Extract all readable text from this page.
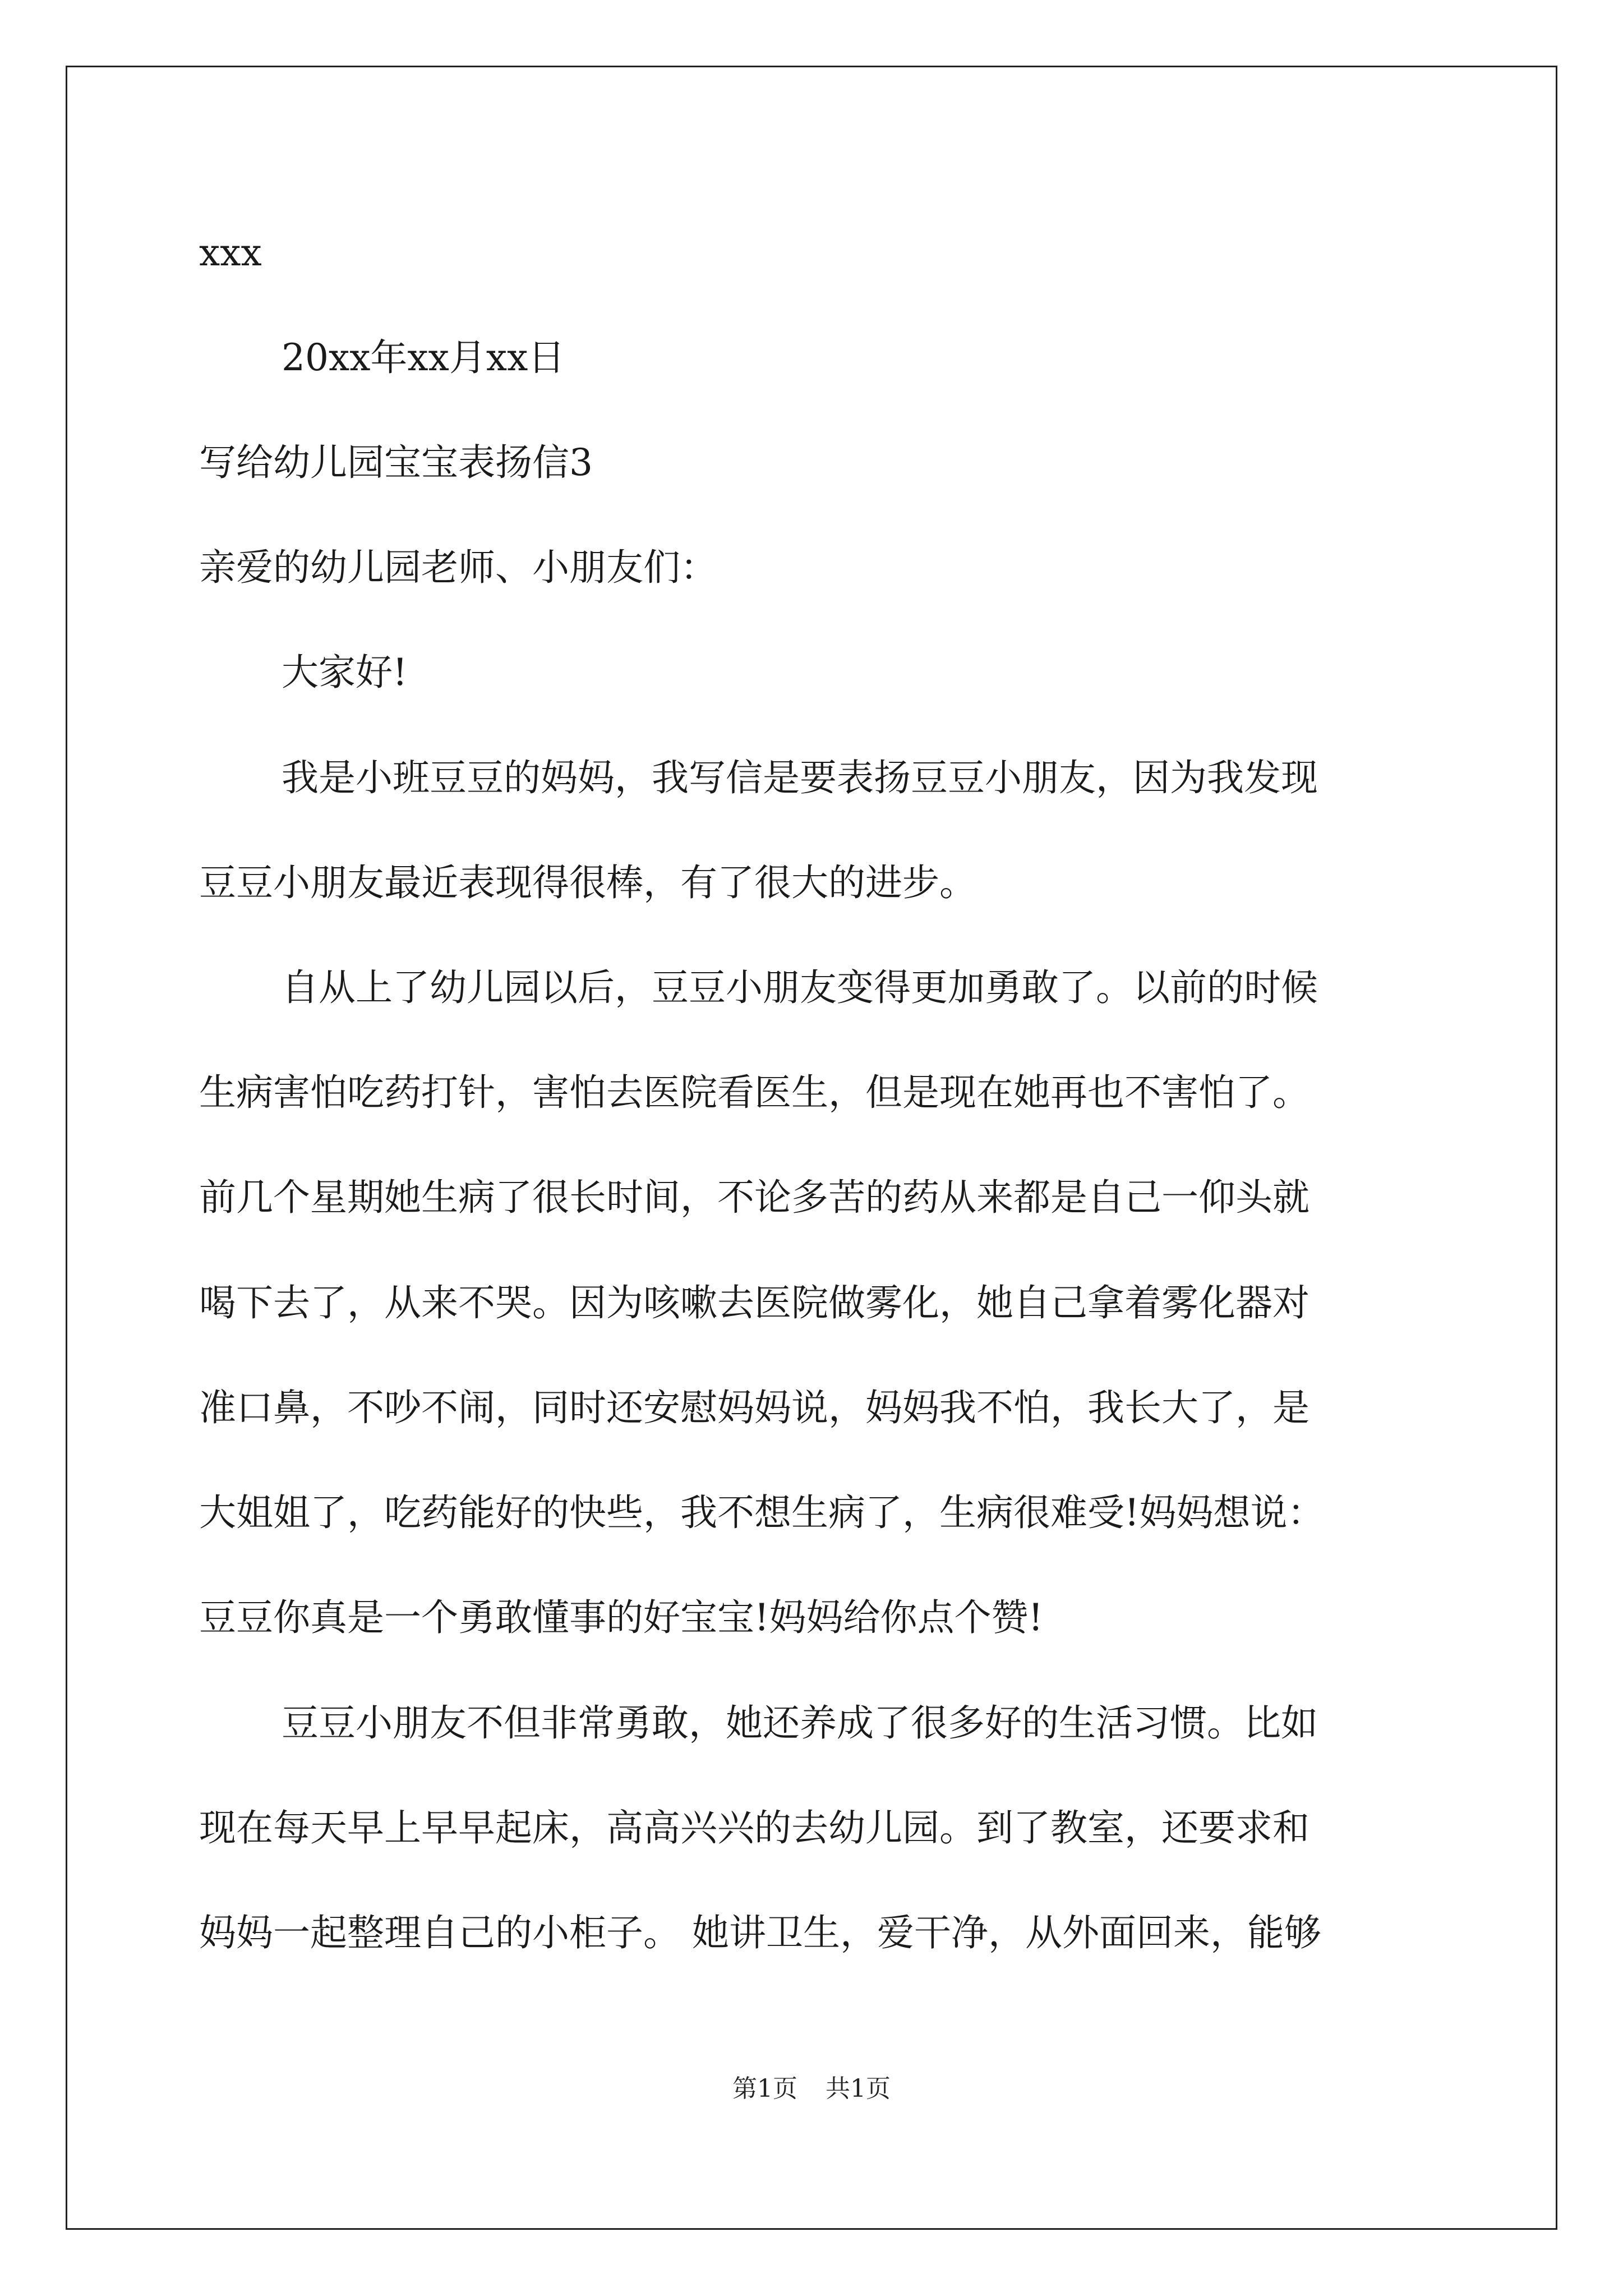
xxx
20xx年xx月xx日
写给幼儿园宝宝表扬信3
亲爱的幼儿园老师、小朋友们：
大家好!
我是小班豆豆的妈妈，我写信是要表扬豆豆小朋友，因为我发现
豆豆小朋友最近表现得很棒，有了很大的进步。
自从上了幼儿园以后，豆豆小朋友变得更加勇敢了。以前的时候
生病害怕吃药打针，害怕去医院看医生，但是现在她再也不害怕了。
前几个星期她生病了很长时间，不论多苦的药从来都是自己一仰头就
喝下去了，从来不哭。因为咳嗽去医院做雾化，她自己拿着雾化器对
准口鼻，不吵不闹，同时还安慰妈妈说，妈妈我不怕，我长大了，是
大姐姐了，吃药能好的快些，我不想生病了，生病很难受!妈妈想说：
豆豆你真是一个勇敢懂事的好宝宝!妈妈给你点个赞!
豆豆小朋友不但非常勇敢，她还养成了很多好的生活习惯。比如
现在每天早上早早起床，高高兴兴的去幼儿园。到了教室，还要求和
妈妈一起整理自己的小柜子。 她讲卫生，爱干净，从外面回来，能够
第1页 共1页
